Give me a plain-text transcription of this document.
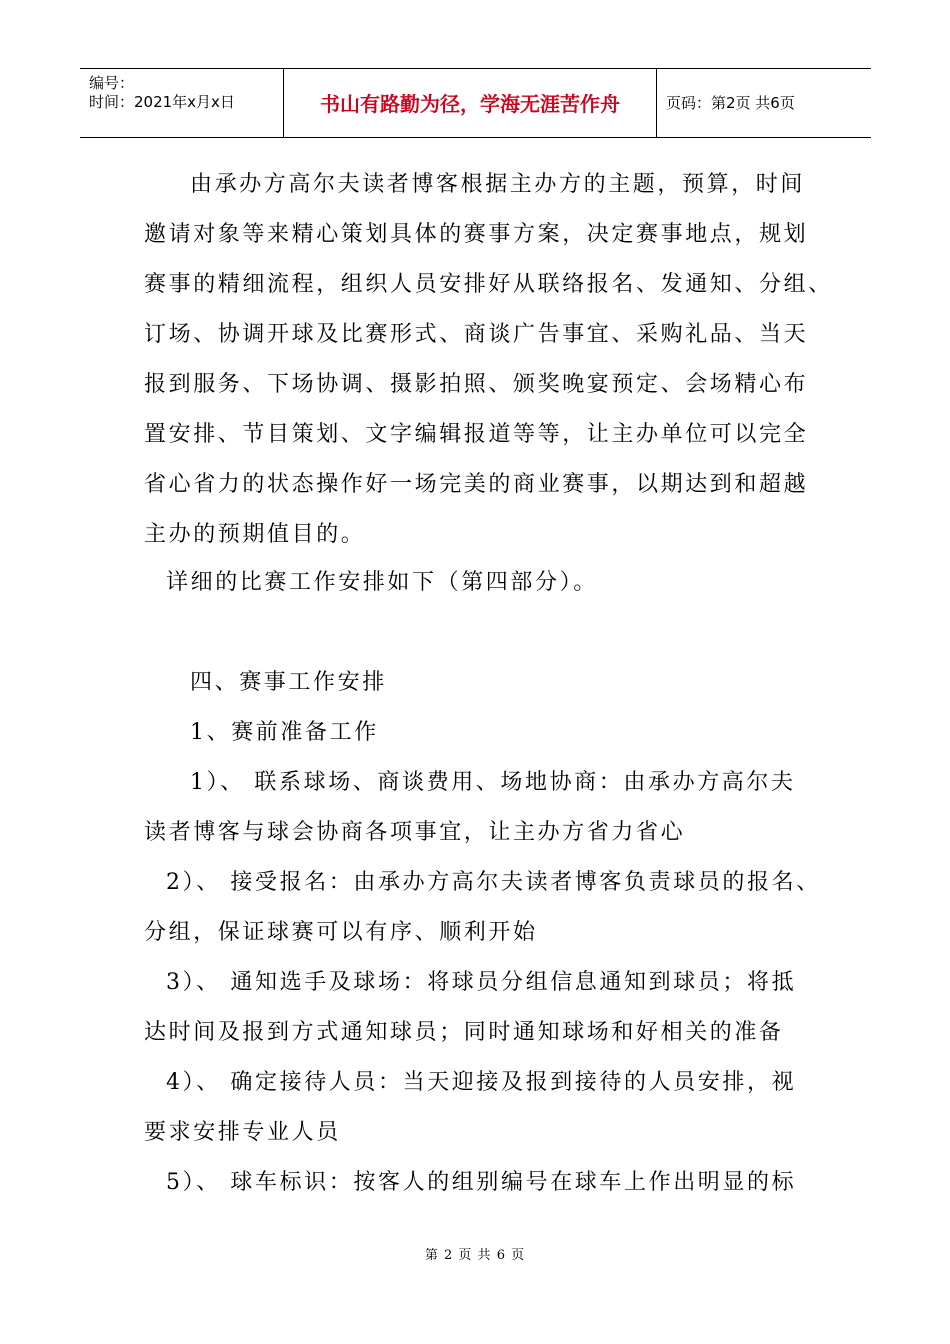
编号：
时间：2021年x月x日	书山有路勤为径，学海无涯苦作舟	页码：第2页 共6页
由承办方高尔夫读者博客根据主办方的主题，预算，时间
邀请对象等来精心策划具体的赛事方案，决定赛事地点，规划
赛事的精细流程，组织人员安排好从联络报名、发通知、分组、
订场、协调开球及比赛形式、商谈广告事宜、采购礼品、当天
报到服务、下场协调、摄影拍照、颁奖晚宴预定、会场精心布
置安排、节目策划、文字编辑报道等等，让主办单位可以完全
省心省力的状态操作好一场完美的商业赛事，以期达到和超越
主办的预期值目的。
详细的比赛工作安排如下（第四部分）。
四、赛事工作安排
1、赛前准备工作
1）、 联系球场、商谈费用、场地协商：由承办方高尔夫
读者博客与球会协商各项事宜，让主办方省力省心
2）、 接受报名：由承办方高尔夫读者博客负责球员的报名、
分组，保证球赛可以有序、顺利开始
3）、 通知选手及球场：将球员分组信息通知到球员；将抵
达时间及报到方式通知球员；同时通知球场和好相关的准备
4）、 确定接待人员：当天迎接及报到接待的人员安排，视
要求安排专业人员
5）、 球车标识：按客人的组别编号在球车上作出明显的标
第 2 页 共 6 页
